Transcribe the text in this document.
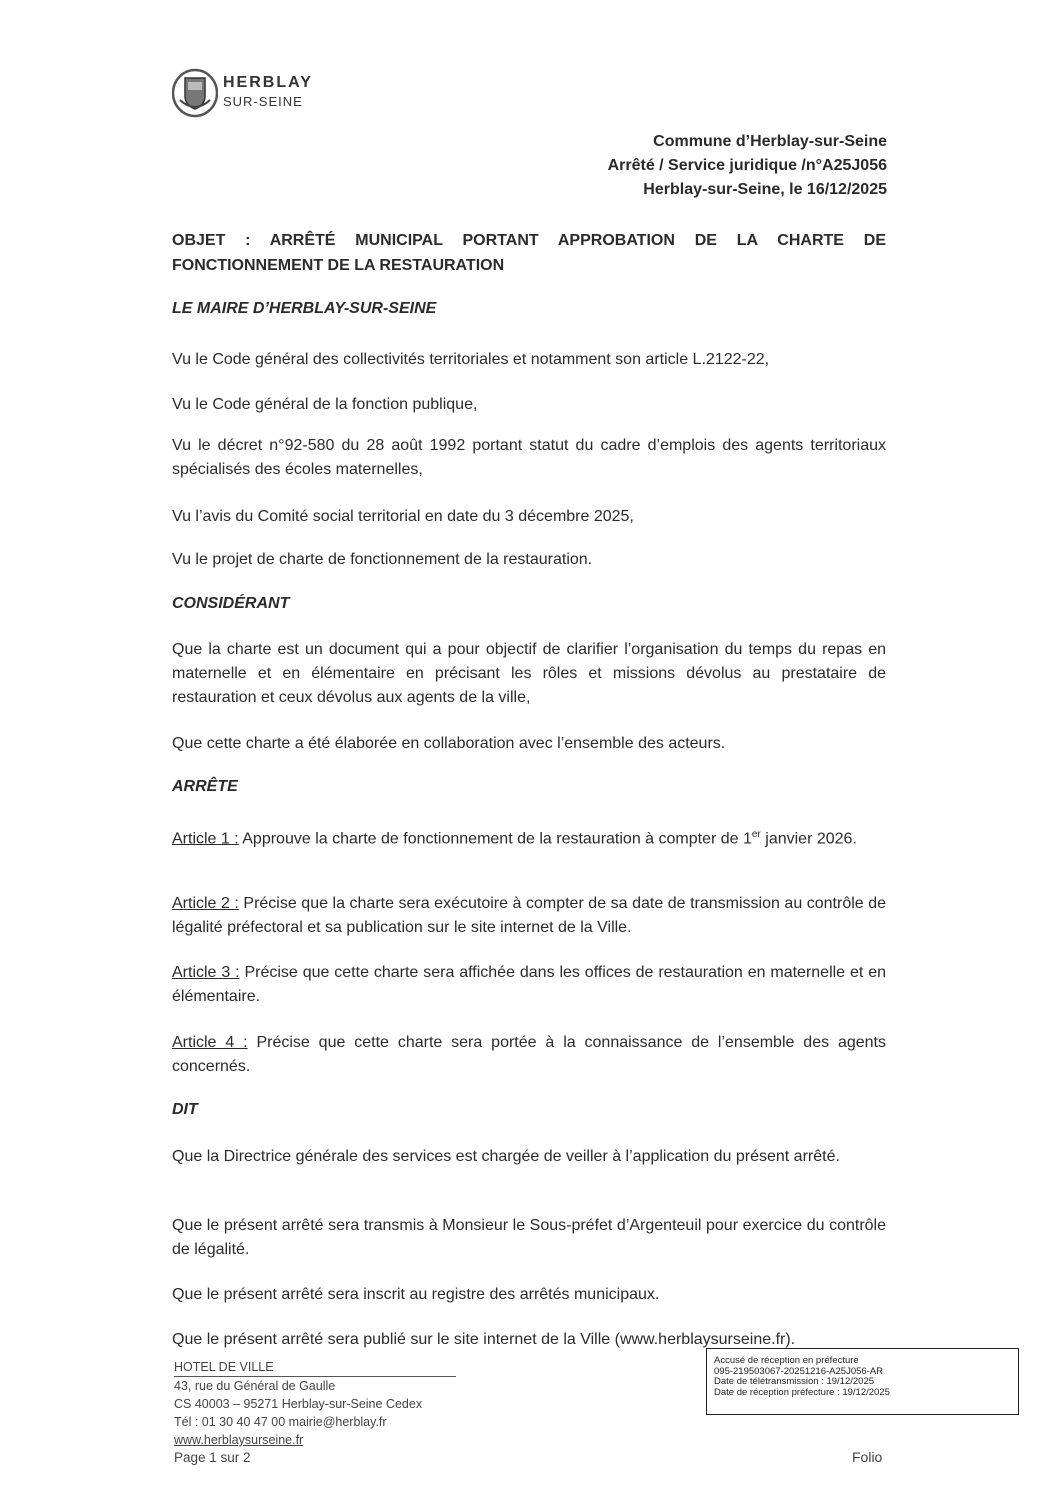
HERBLAY
SUR-SEINE
Commune d’Herblay-sur-Seine
Arrêté / Service juridique /n°A25J056
Herblay-sur-Seine, le 16/12/2025
OBJET : ARRÊTÉ MUNICIPAL PORTANT APPROBATION DE LA CHARTE DE
FONCTIONNEMENT DE LA RESTAURATION
LE MAIRE D’HERBLAY-SUR-SEINE
Vu le Code général des collectivités territoriales et notamment son article L.2122-22,
Vu le Code général de la fonction publique,
Vu le décret n°92-580 du 28 août 1992 portant statut du cadre d’emplois des agents territoriaux spécialisés des écoles maternelles,
Vu l’avis du Comité social territorial en date du 3 décembre 2025,
Vu le projet de charte de fonctionnement de la restauration.
CONSIDÉRANT
Que la charte est un document qui a pour objectif de clarifier l’organisation du temps du repas en maternelle et en élémentaire en précisant les rôles et missions dévolus au prestataire de restauration et ceux dévolus aux agents de la ville,
Que cette charte a été élaborée en collaboration avec l’ensemble des acteurs.
ARRÊTE
Article 1 : Approuve la charte de fonctionnement de la restauration à compter de 1er janvier 2026.
Article 2 : Précise que la charte sera exécutoire à compter de sa date de transmission au contrôle de légalité préfectoral et sa publication sur le site internet de la Ville.
Article 3 : Précise que cette charte sera affichée dans les offices de restauration en maternelle et en élémentaire.
Article 4 : Précise que cette charte sera portée à la connaissance de l’ensemble des agents concernés.
DIT
Que la Directrice générale des services est chargée de veiller à l’application du présent arrêté.
Que le présent arrêté sera transmis à Monsieur le Sous-préfet d’Argenteuil pour exercice du contrôle de légalité.
Que le présent arrêté sera inscrit au registre des arrêtés municipaux.
Que le présent arrêté sera publié sur le site internet de la Ville (www.herblaysurseine.fr).
HOTEL DE VILLE
43, rue du Général de Gaulle
CS 40003 – 95271 Herblay-sur-Seine Cedex
Tél : 01 30 40 47 00 mairie@herblay.fr
www.herblaysurseine.fr
Page 1 sur 2	Folio
Accusé de réception en préfecture
095-219503067-20251216-A25J056-AR
Date de télétransmission : 19/12/2025
Date de réception préfecture : 19/12/2025
